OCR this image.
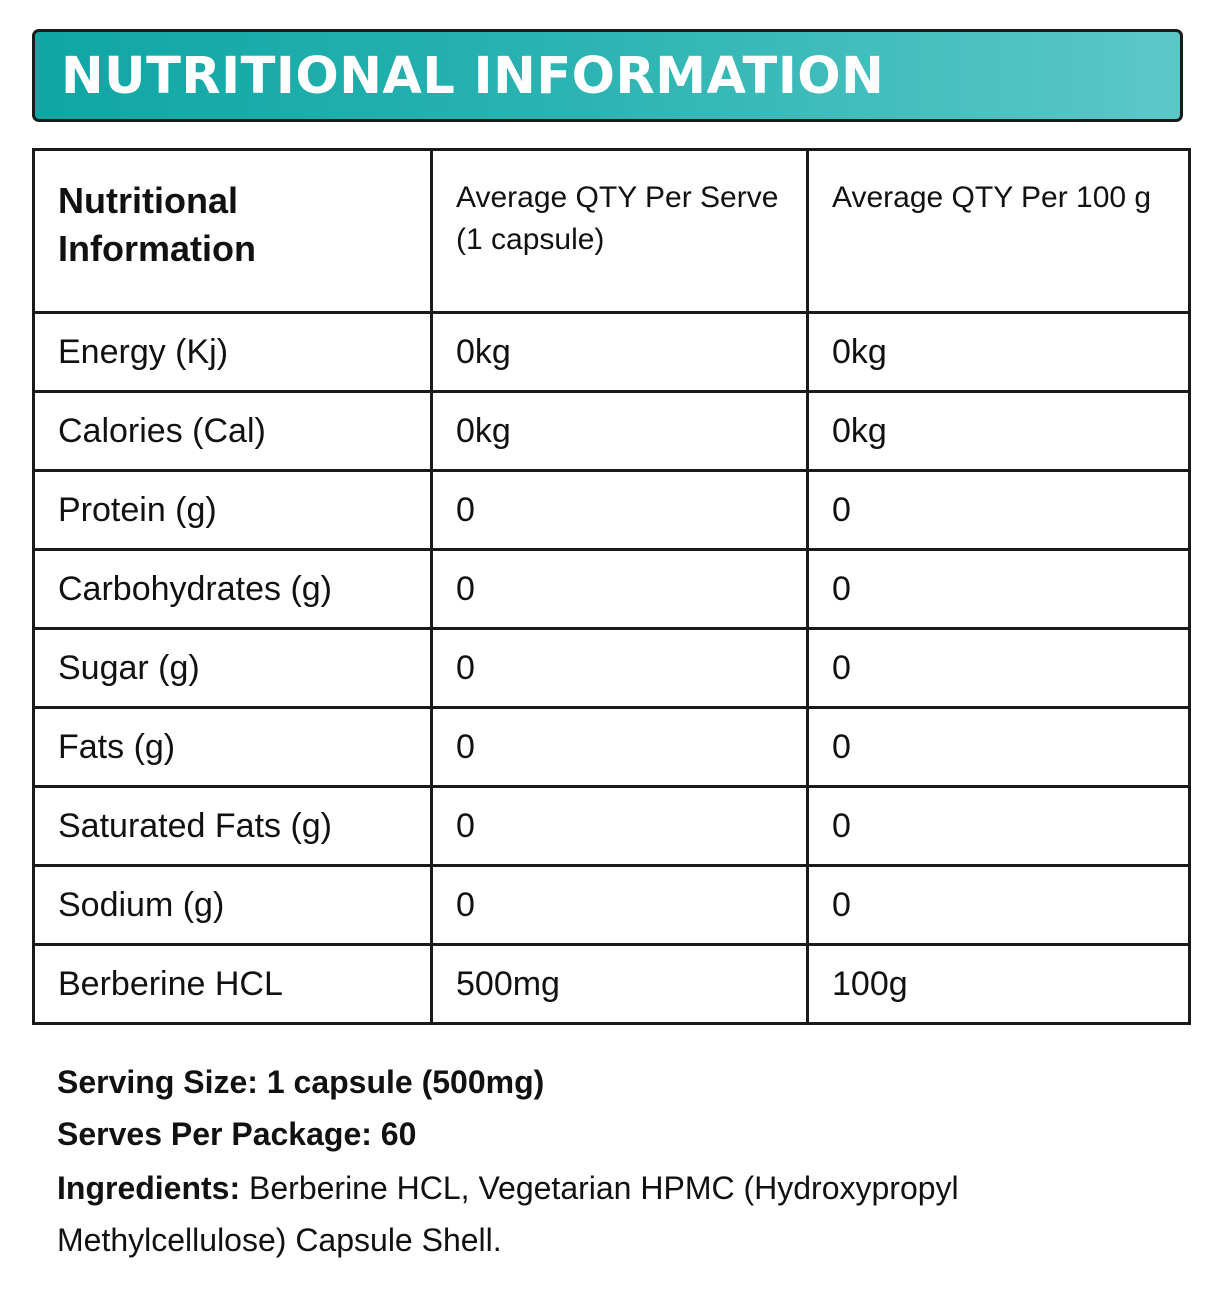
NUTRITIONAL INFORMATION
Nutritional Information	Average QTY Per Serve (1 capsule)	Average QTY Per 100 g
Energy (Kj)	0kg	0kg
Calories (Cal)	0kg	0kg
Protein (g)	0	0
Carbohydrates (g)	0	0
Sugar (g)	0	0
Fats (g)	0	0
Saturated Fats (g)	0	0
Sodium (g)	0	0
Berberine HCL	500mg	100g
Serving Size: 1 capsule (500mg)
Serves Per Package: 60
Ingredients: Berberine HCL, Vegetarian HPMC (Hydroxypropyl Methylcellulose) Capsule Shell.
